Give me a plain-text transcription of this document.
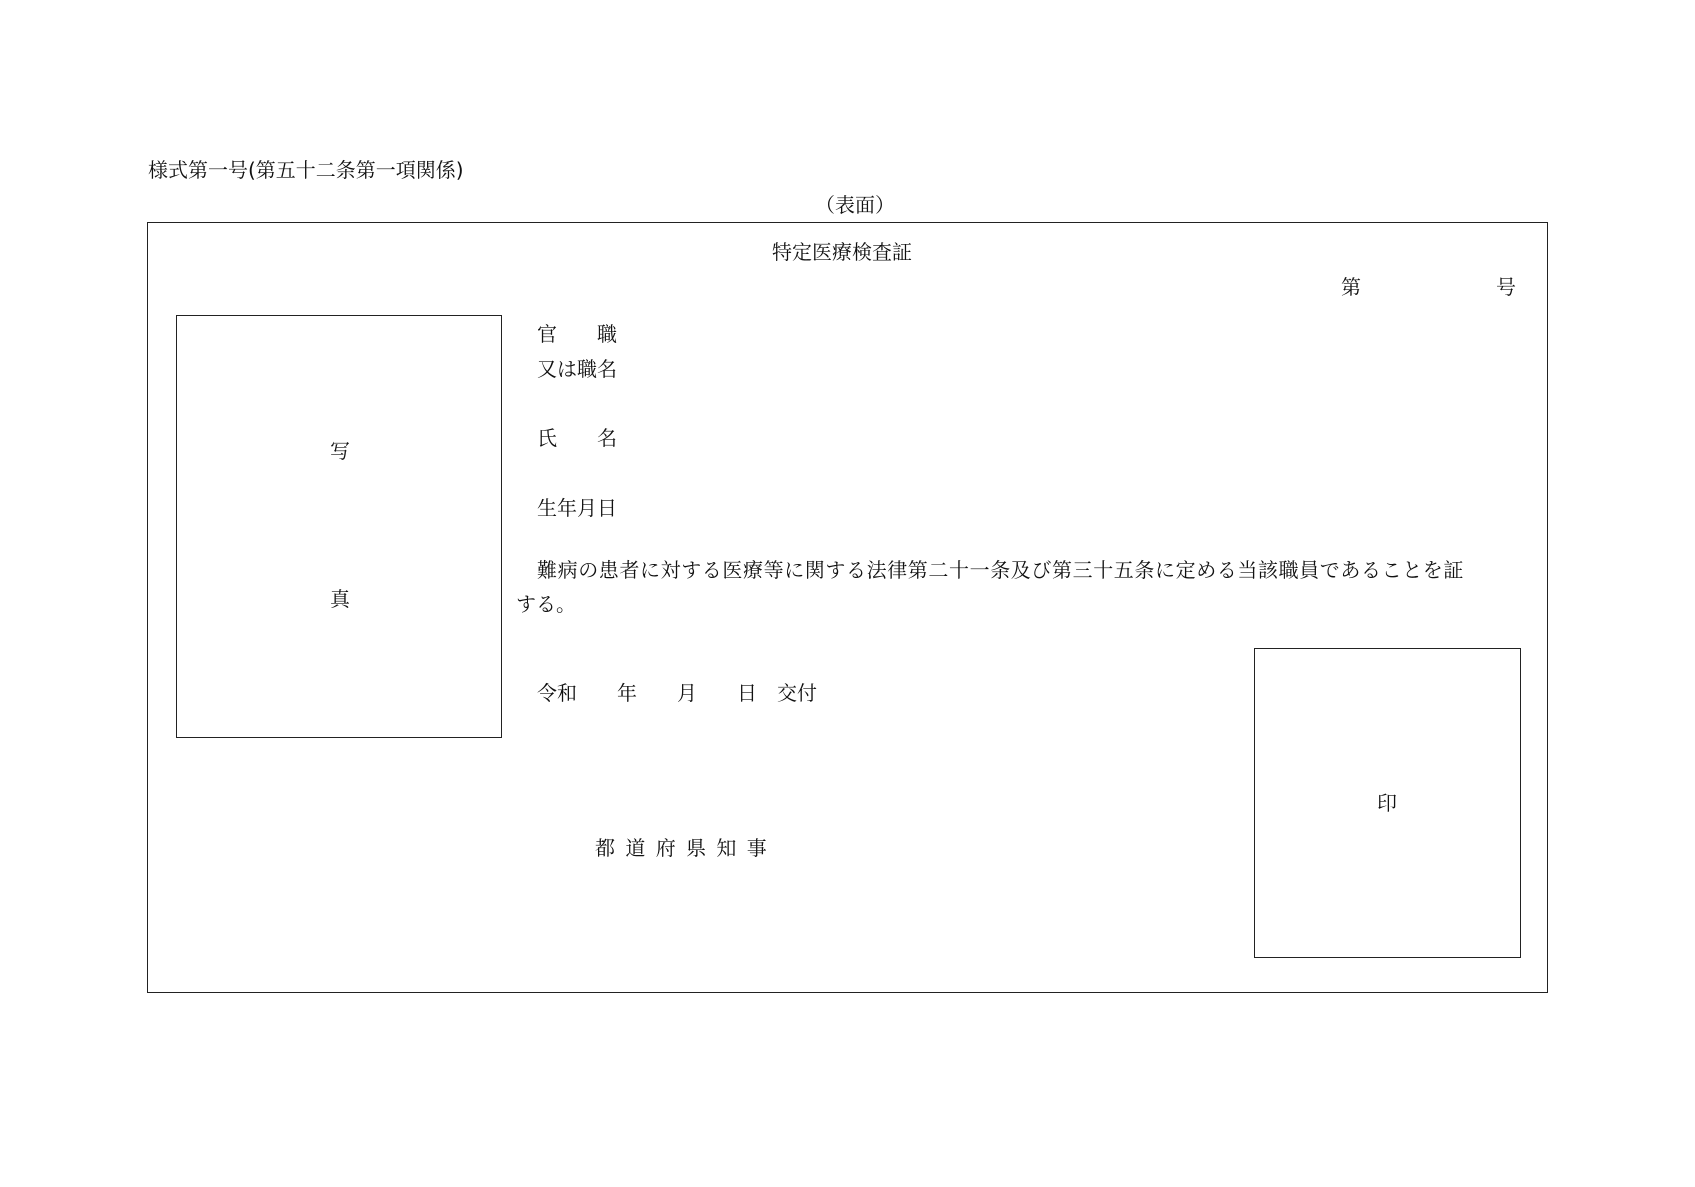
様式第一号(第五十二条第一項関係)
（表面）
特定医療検査証
第	号
写
真
官　　職
又は職名
氏　　名
生年月日
難病の患者に対する医療等に関する法律第二十一条及び第三十五条に定める当該職員であることを証
する。
令和　　年　　月　　日　交付
印
都 道 府 県 知 事
